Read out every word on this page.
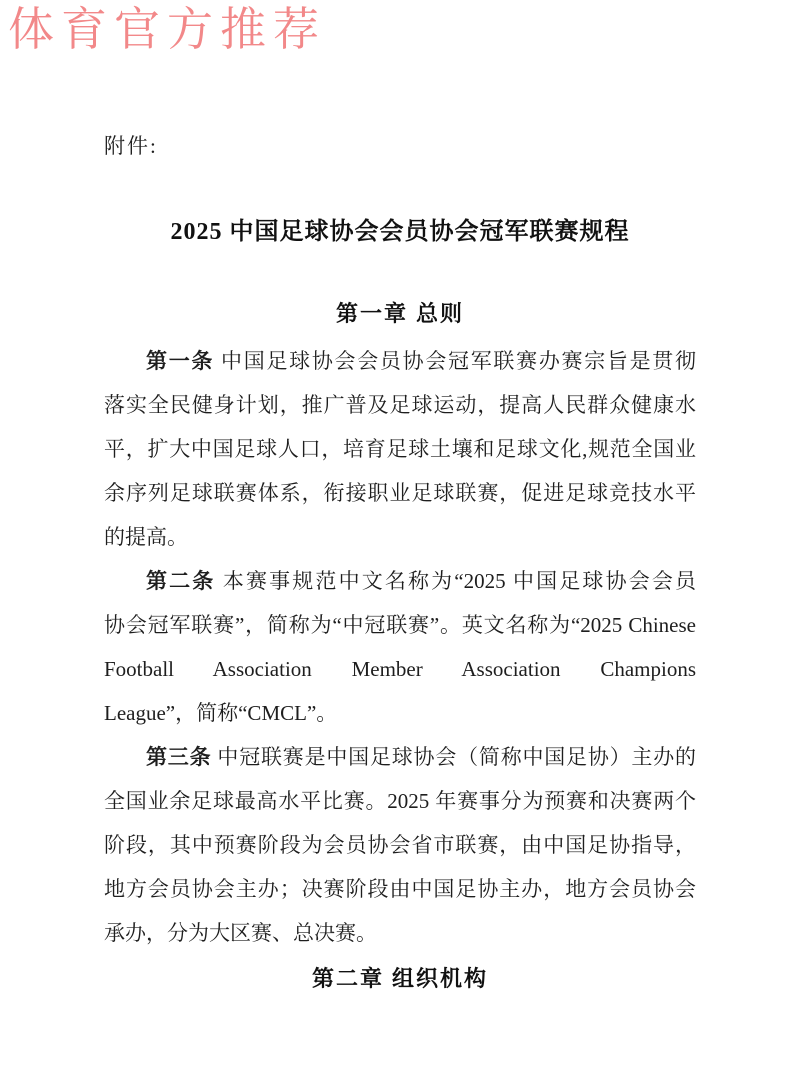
体育官方推荐
附件:
2025 中国足球协会会员协会冠军联赛规程
第一章 总则
第一条 中国足球协会会员协会冠军联赛办赛宗旨是贯彻
落实全民健身计划，推广普及足球运动，提高人民群众健康水
平，扩大中国足球人口，培育足球土壤和足球文化,规范全国业
余序列足球联赛体系，衔接职业足球联赛，促进足球竞技水平
的提高。
第二条 本赛事规范中文名称为“2025 中国足球协会会员
协会冠军联赛”，简称为“中冠联赛”。英文名称为“2025 Chinese
Football Association Member Association Champions
League”，简称“CMCL”。
第三条 中冠联赛是中国足球协会（简称中国足协）主办的
全国业余足球最高水平比赛。2025 年赛事分为预赛和决赛两个
阶段，其中预赛阶段为会员协会省市联赛，由中国足协指导，
地方会员协会主办；决赛阶段由中国足协主办，地方会员协会
承办，分为大区赛、总决赛。
第二章 组织机构
